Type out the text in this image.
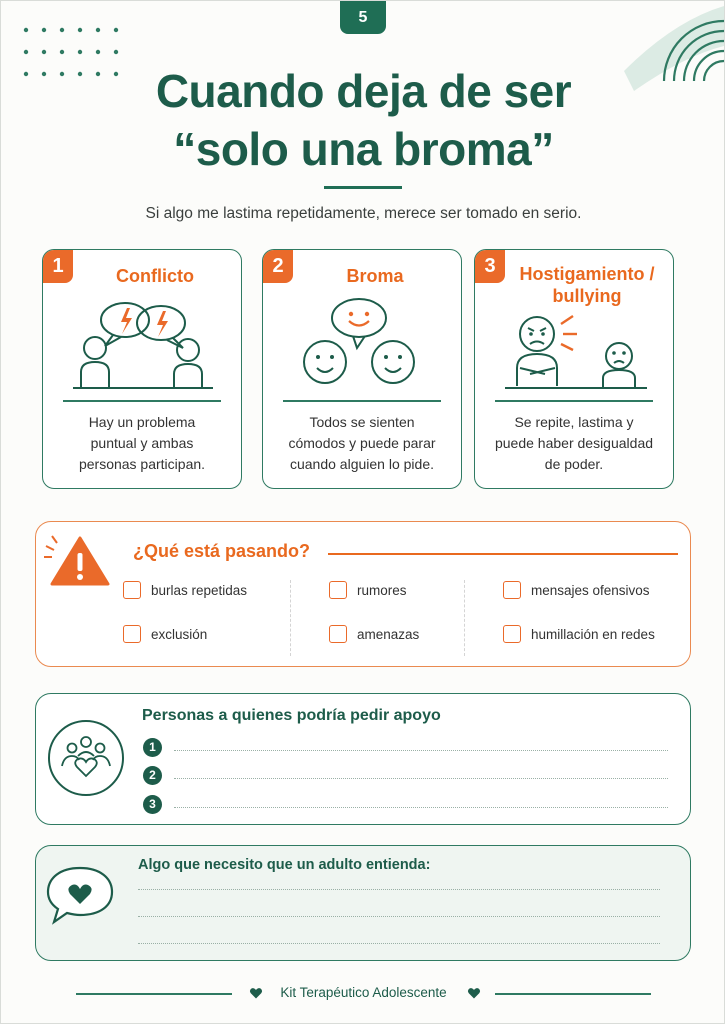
5
Cuando deja de ser
“solo una broma”
Si algo me lastima repetidamente, merece ser tomado en serio.
1	Conflicto
Hay un problema
puntual y ambas
personas participan.
2	Broma
Todos se sienten
cómodos y puede parar
cuando alguien lo pide.
3	Hostigamiento /
bullying
Se repite, lastima y
puede haber desigualdad
de poder.
¿Qué está pasando?
burlas repetidas	rumores	mensajes ofensivos
exclusión	amenazas	humillación en redes
Personas a quienes podría pedir apoyo
1
2
3
Algo que necesito que un adulto entienda:
Kit Terapéutico Adolescente
